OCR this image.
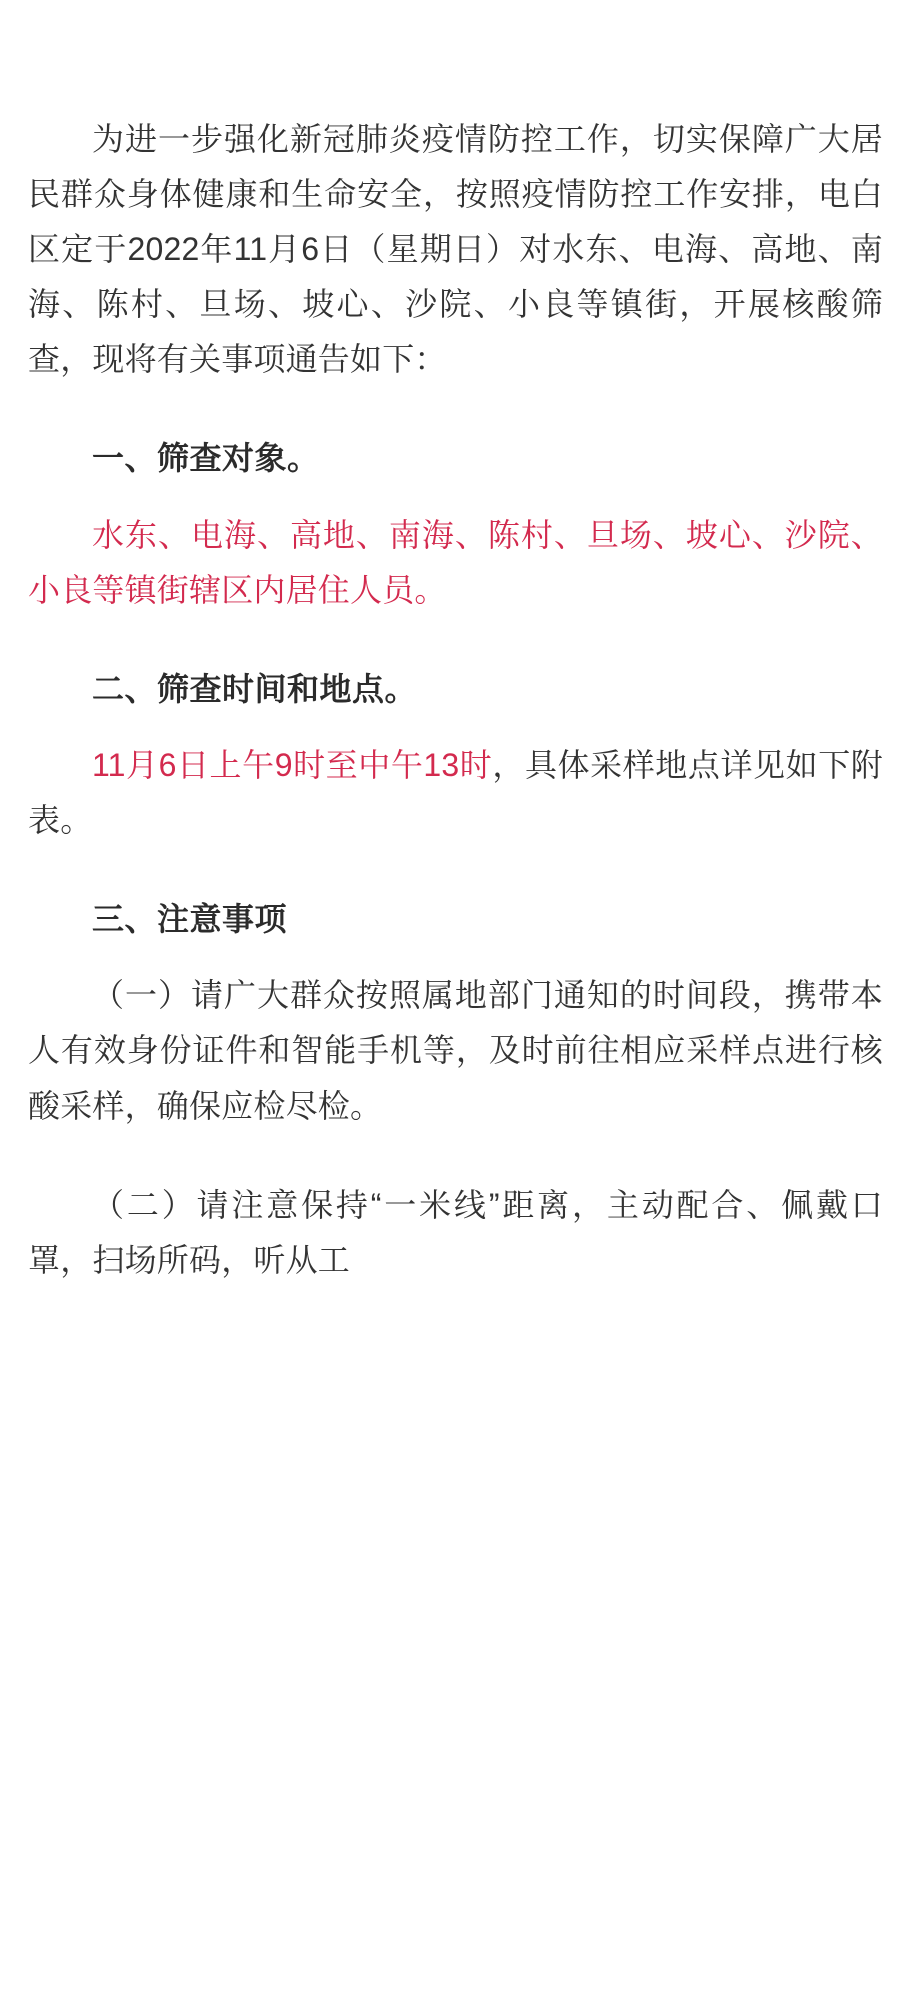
为进一步强化新冠肺炎疫情防控工作，切实保障广大居民群众身体健康和生命安全，按照疫情防控工作安排，电白区定于2022年11月6日（星期日）对水东、电海、高地、南海、陈村、旦场、坡心、沙院、小良等镇街，开展核酸筛查，现将有关事项通告如下：

一、筛查对象。

水东、电海、高地、南海、陈村、旦场、坡心、沙院、小良等镇街辖区内居住人员。

二、筛查时间和地点。

11月6日上午9时至中午13时，具体采样地点详见如下附表。

三、注意事项

（一）请广大群众按照属地部门通知的时间段，携带本人有效身份证件和智能手机等，及时前往相应采样点进行核酸采样，确保应检尽检。

（二）请注意保持“一米线”距离，主动配合、佩戴口罩，扫场所码，听从工
